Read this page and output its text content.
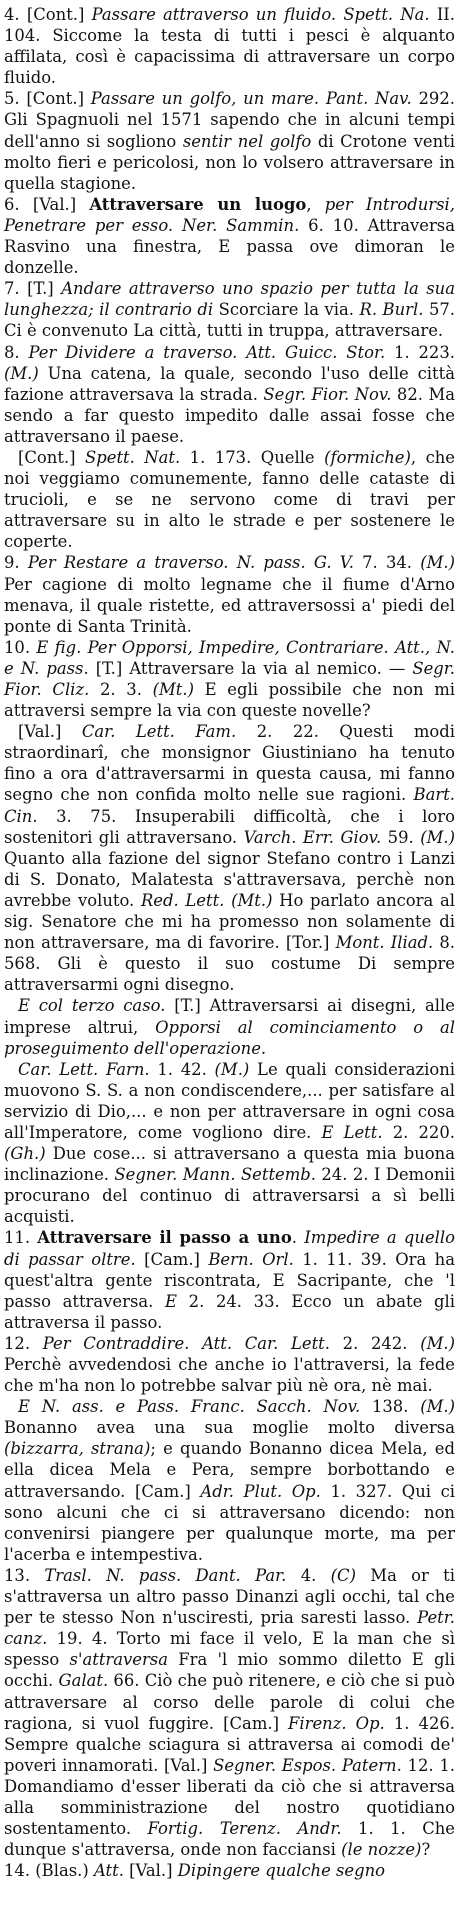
4. [Cont.] Passare attraverso un fluido. Spett. Na. II. 104. Siccome la testa di tutti i pesci è alquanto affilata, così è capacissima di attraversare un corpo fluido.

5. [Cont.] Passare un golfo, un mare. Pant. Nav. 292. Gli Spagnuoli nel 1571 sapendo che in alcuni tempi dell'anno si sogliono sentir nel golfo di Crotone venti molto fieri e pericolosi, non lo volsero attraversare in quella stagione.

6. [Val.] Attraversare un luogo, per Introdursi, Penetrare per esso. Ner. Sammin. 6. 10. Attraversa Rasvino una finestra, E passa ove dimoran le donzelle.

7. [T.] Andare attraverso uno spazio per tutta la sua lunghezza; il contrario di Scorciare la via. R. Burl. 57. Ci è convenuto La città, tutti in truppa, attraversare.

8. Per Dividere a traverso. Att. Guicc. Stor. 1. 223. (M.) Una catena, la quale, secondo l'uso delle città fazione attraversava la strada. Segr. Fior. Nov. 82. Ma sendo a far questo impedito dalle assai fosse che attraversano il paese.

[Cont.] Spett. Nat. 1. 173. Quelle (formiche), che noi veggiamo comunemente, fanno delle cataste di trucioli, e se ne servono come di travi per attraversare su in alto le strade e per sostenere le coperte.

9. Per Restare a traverso. N. pass. G. V. 7. 34. (M.) Per cagione di molto legname che il fiume d'Arno menava, il quale ristette, ed attraversossi a' piedi del ponte di Santa Trinità.

10. E fig. Per Opporsi, Impedire, Contrariare. Att., N. e N. pass. [T.] Attraversare la via al nemico. — Segr. Fior. Cliz. 2. 3. (Mt.) E egli possibile che non mi attraversi sempre la via con queste novelle?

[Val.] Car. Lett. Fam. 2. 22. Questi modi straordinarî, che monsignor Giustiniano ha tenuto fino a ora d'attraversarmi in questa causa, mi fanno segno che non confida molto nelle sue ragioni. Bart. Cin. 3. 75. Insuperabili difficoltà, che i loro sostenitori gli attraversano. Varch. Err. Giov. 59. (M.) Quanto alla fazione del signor Stefano contro i Lanzi di S. Donato, Malatesta s'attraversava, perchè non avrebbe voluto. Red. Lett. (Mt.) Ho parlato ancora al sig. Senatore che mi ha promesso non solamente di non attraversare, ma di favorire. [Tor.] Mont. Iliad. 8. 568. Gli è questo il suo costume Di sempre attraversarmi ogni disegno.

E col terzo caso. [T.] Attraversarsi ai disegni, alle imprese altrui, Opporsi al cominciamento o al proseguimento dell'operazione.

Car. Lett. Farn. 1. 42. (M.) Le quali considerazioni muovono S. S. a non condiscendere,... per satisfare al servizio di Dio,... e non per attraversare in ogni cosa all'Imperatore, come vogliono dire. E Lett. 2. 220. (Gh.) Due cose... si attraversano a questa mia buona inclinazione. Segner. Mann. Settemb. 24. 2. I Demonii procurano del continuo di attraversarsi a sì belli acquisti.

11. Attraversare il passo a uno. Impedire a quello di passar oltre. [Cam.] Bern. Orl. 1. 11. 39. Ora ha quest'altra gente riscontrata, E Sacripante, che 'l passo attraversa. E 2. 24. 33. Ecco un abate gli attraversa il passo.

12. Per Contraddire. Att. Car. Lett. 2. 242. (M.) Perchè avvedendosi che anche io l'attraversi, la fede che m'ha non lo potrebbe salvar più nè ora, nè mai.

E N. ass. e Pass. Franc. Sacch. Nov. 138. (M.) Bonanno avea una sua moglie molto diversa (bizzarra, strana); e quando Bonanno dicea Mela, ed ella dicea Mela e Pera, sempre borbottando e attraversando. [Cam.] Adr. Plut. Op. 1. 327. Qui ci sono alcuni che ci si attraversano dicendo: non convenirsi piangere per qualunque morte, ma per l'acerba e intempestiva.

13. Trasl. N. pass. Dant. Par. 4. (C) Ma or ti s'attraversa un altro passo Dinanzi agli occhi, tal che per te stesso Non n'usciresti, pria saresti lasso. Petr. canz. 19. 4. Torto mi face il velo, E la man che sì spesso s'attraversa Fra 'l mio sommo diletto E gli occhi. Galat. 66. Ciò che può ritenere, e ciò che si può attraversare al corso delle parole di colui che ragiona, si vuol fuggire. [Cam.] Firenz. Op. 1. 426. Sempre qualche sciagura si attraversa ai comodi de' poveri innamorati. [Val.] Segner. Espos. Patern. 12. 1. Domandiamo d'esser liberati da ciò che si attraversa alla somministrazione del nostro quotidiano sostentamento. Fortig. Terenz. Andr. 1. 1. Che dunque s'attraversa, onde non facciansi (le nozze)?

14. (Blas.) Att. [Val.] Dipingere qualche segno
